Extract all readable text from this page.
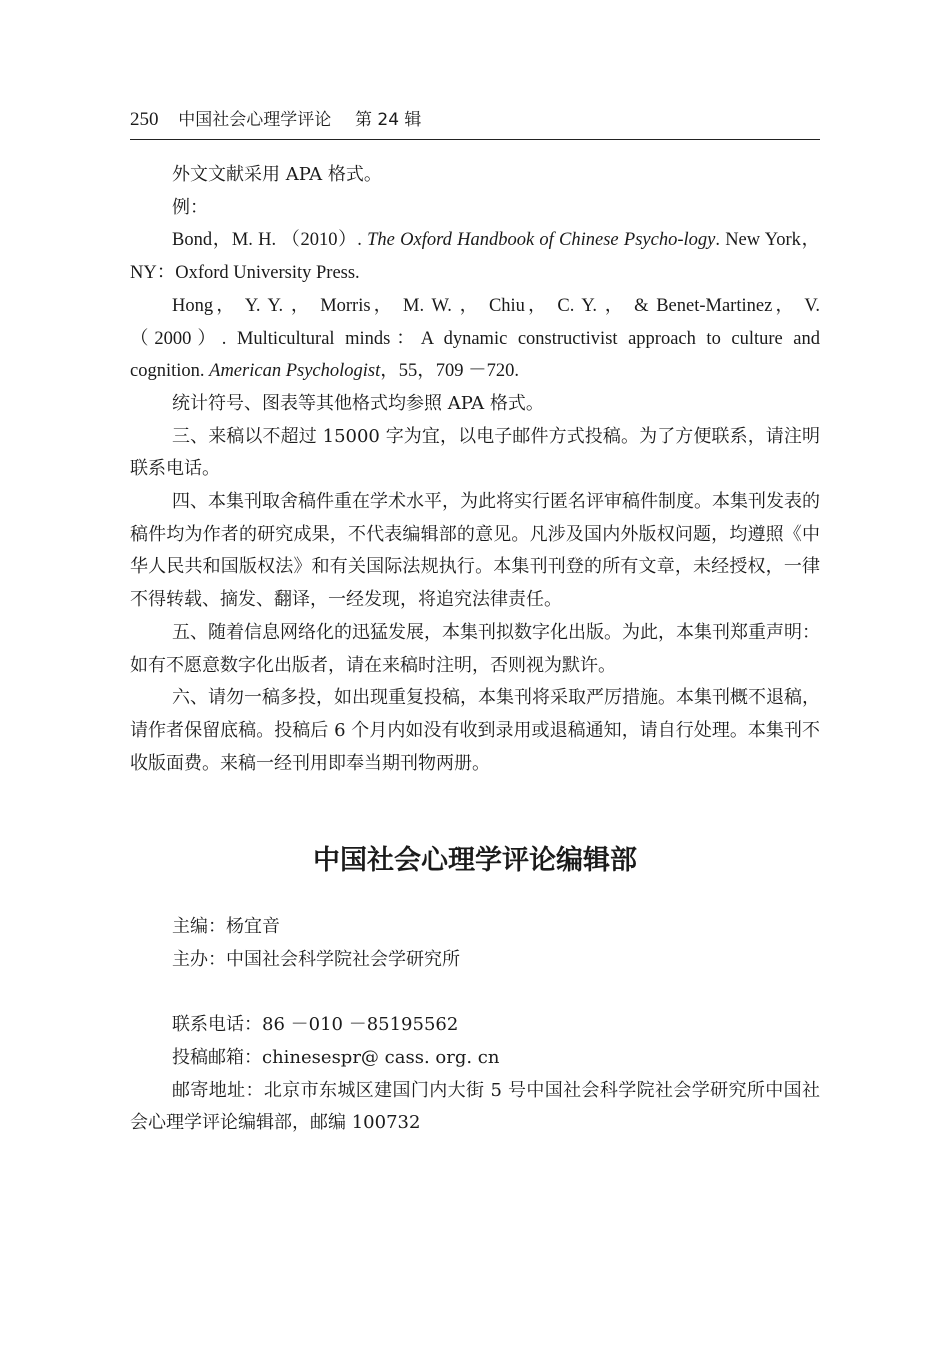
250 中国社会心理学评论 第 24 辑

外文文献采用 APA 格式。

例：

Bond，M. H. （2010）. The Oxford Handbook of Chinese Psycho-logy. New York，NY：Oxford University Press.

Hong， Y. Y. ， Morris， M. W. ， Chiu， C. Y. ， & Benet-Martinez， V. （2000）. Multicultural minds：A dynamic constructivist approach to culture and cognition. American Psychologist，55，709 －720.

统计符号、图表等其他格式均参照 APA 格式。

三、来稿以不超过 15000 字为宜，以电子邮件方式投稿。为了方便联系，请注明联系电话。

四、本集刊取舍稿件重在学术水平，为此将实行匿名评审稿件制度。本集刊发表的稿件均为作者的研究成果，不代表编辑部的意见。凡涉及国内外版权问题，均遵照《中华人民共和国版权法》和有关国际法规执行。本集刊刊登的所有文章，未经授权，一律不得转载、摘发、翻译，一经发现，将追究法律责任。

五、随着信息网络化的迅猛发展，本集刊拟数字化出版。为此，本集刊郑重声明：如有不愿意数字化出版者，请在来稿时注明，否则视为默许。

六、请勿一稿多投，如出现重复投稿，本集刊将采取严厉措施。本集刊概不退稿，请作者保留底稿。投稿后 6 个月内如没有收到录用或退稿通知，请自行处理。本集刊不收版面费。来稿一经刊用即奉当期刊物两册。

中国社会心理学评论编辑部

主编：杨宜音

主办：中国社会科学院社会学研究所

联系电话：86 －010 －85195562

投稿邮箱：chinesespr@ cass. org. cn

邮寄地址：北京市东城区建国门内大街 5 号中国社会科学院社会学研究所中国社会心理学评论编辑部，邮编 100732
